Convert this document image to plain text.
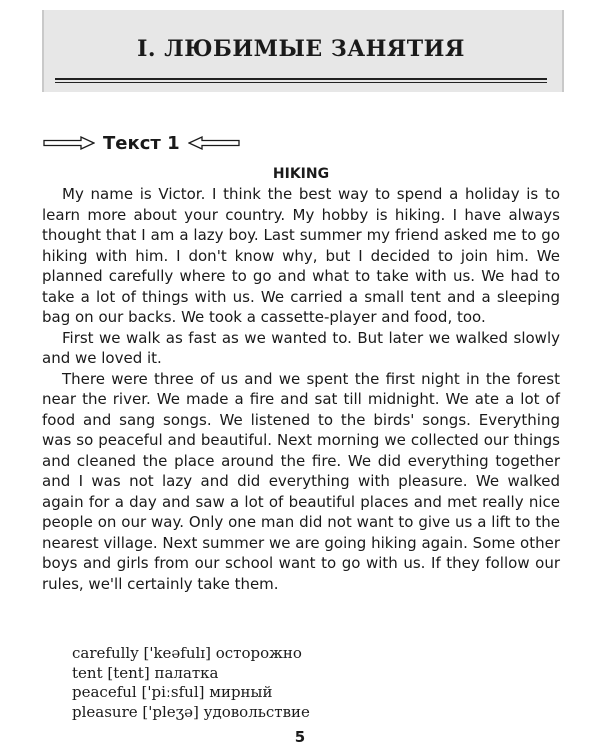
I. ЛЮБИМЫЕ ЗАНЯТИЯ
Текст 1
HIKING

My name is Victor. I think the best way to spend a holiday is to learn more about your country. My hobby is hiking. I have always thought that I am a lazy boy. Last summer my friend asked me to go hiking with him. I don't know why, but I decided to join him. We planned carefully where to go and what to take with us. We had to take a lot of things with us. We carried a small tent and a sleeping bag on our backs. We took a cassette-player and food, too.

First we walk as fast as we wanted to. But later we walked slowly and we loved it.

There were three of us and we spent the first night in the forest near the river. We made a fire and sat till midnight. We ate a lot of food and sang songs. We listened to the birds' songs. Everything was so peaceful and beautiful. Next morning we collected our things and cleaned the place around the fire. We did everything together and I was not lazy and did everything with pleasure. We walked again for a day and saw a lot of beautiful places and met really nice people on our way. Only one man did not want to give us a lift to the nearest village. Next summer we are going hiking again. Some other boys and girls from our school want to go with us. If they follow our rules, we'll certainly take them.

carefully ['keəfulɪ] осторожно
tent [tent] палатка
peaceful ['piːsful] мирный
pleasure ['pleʒə] удовольствие
5
